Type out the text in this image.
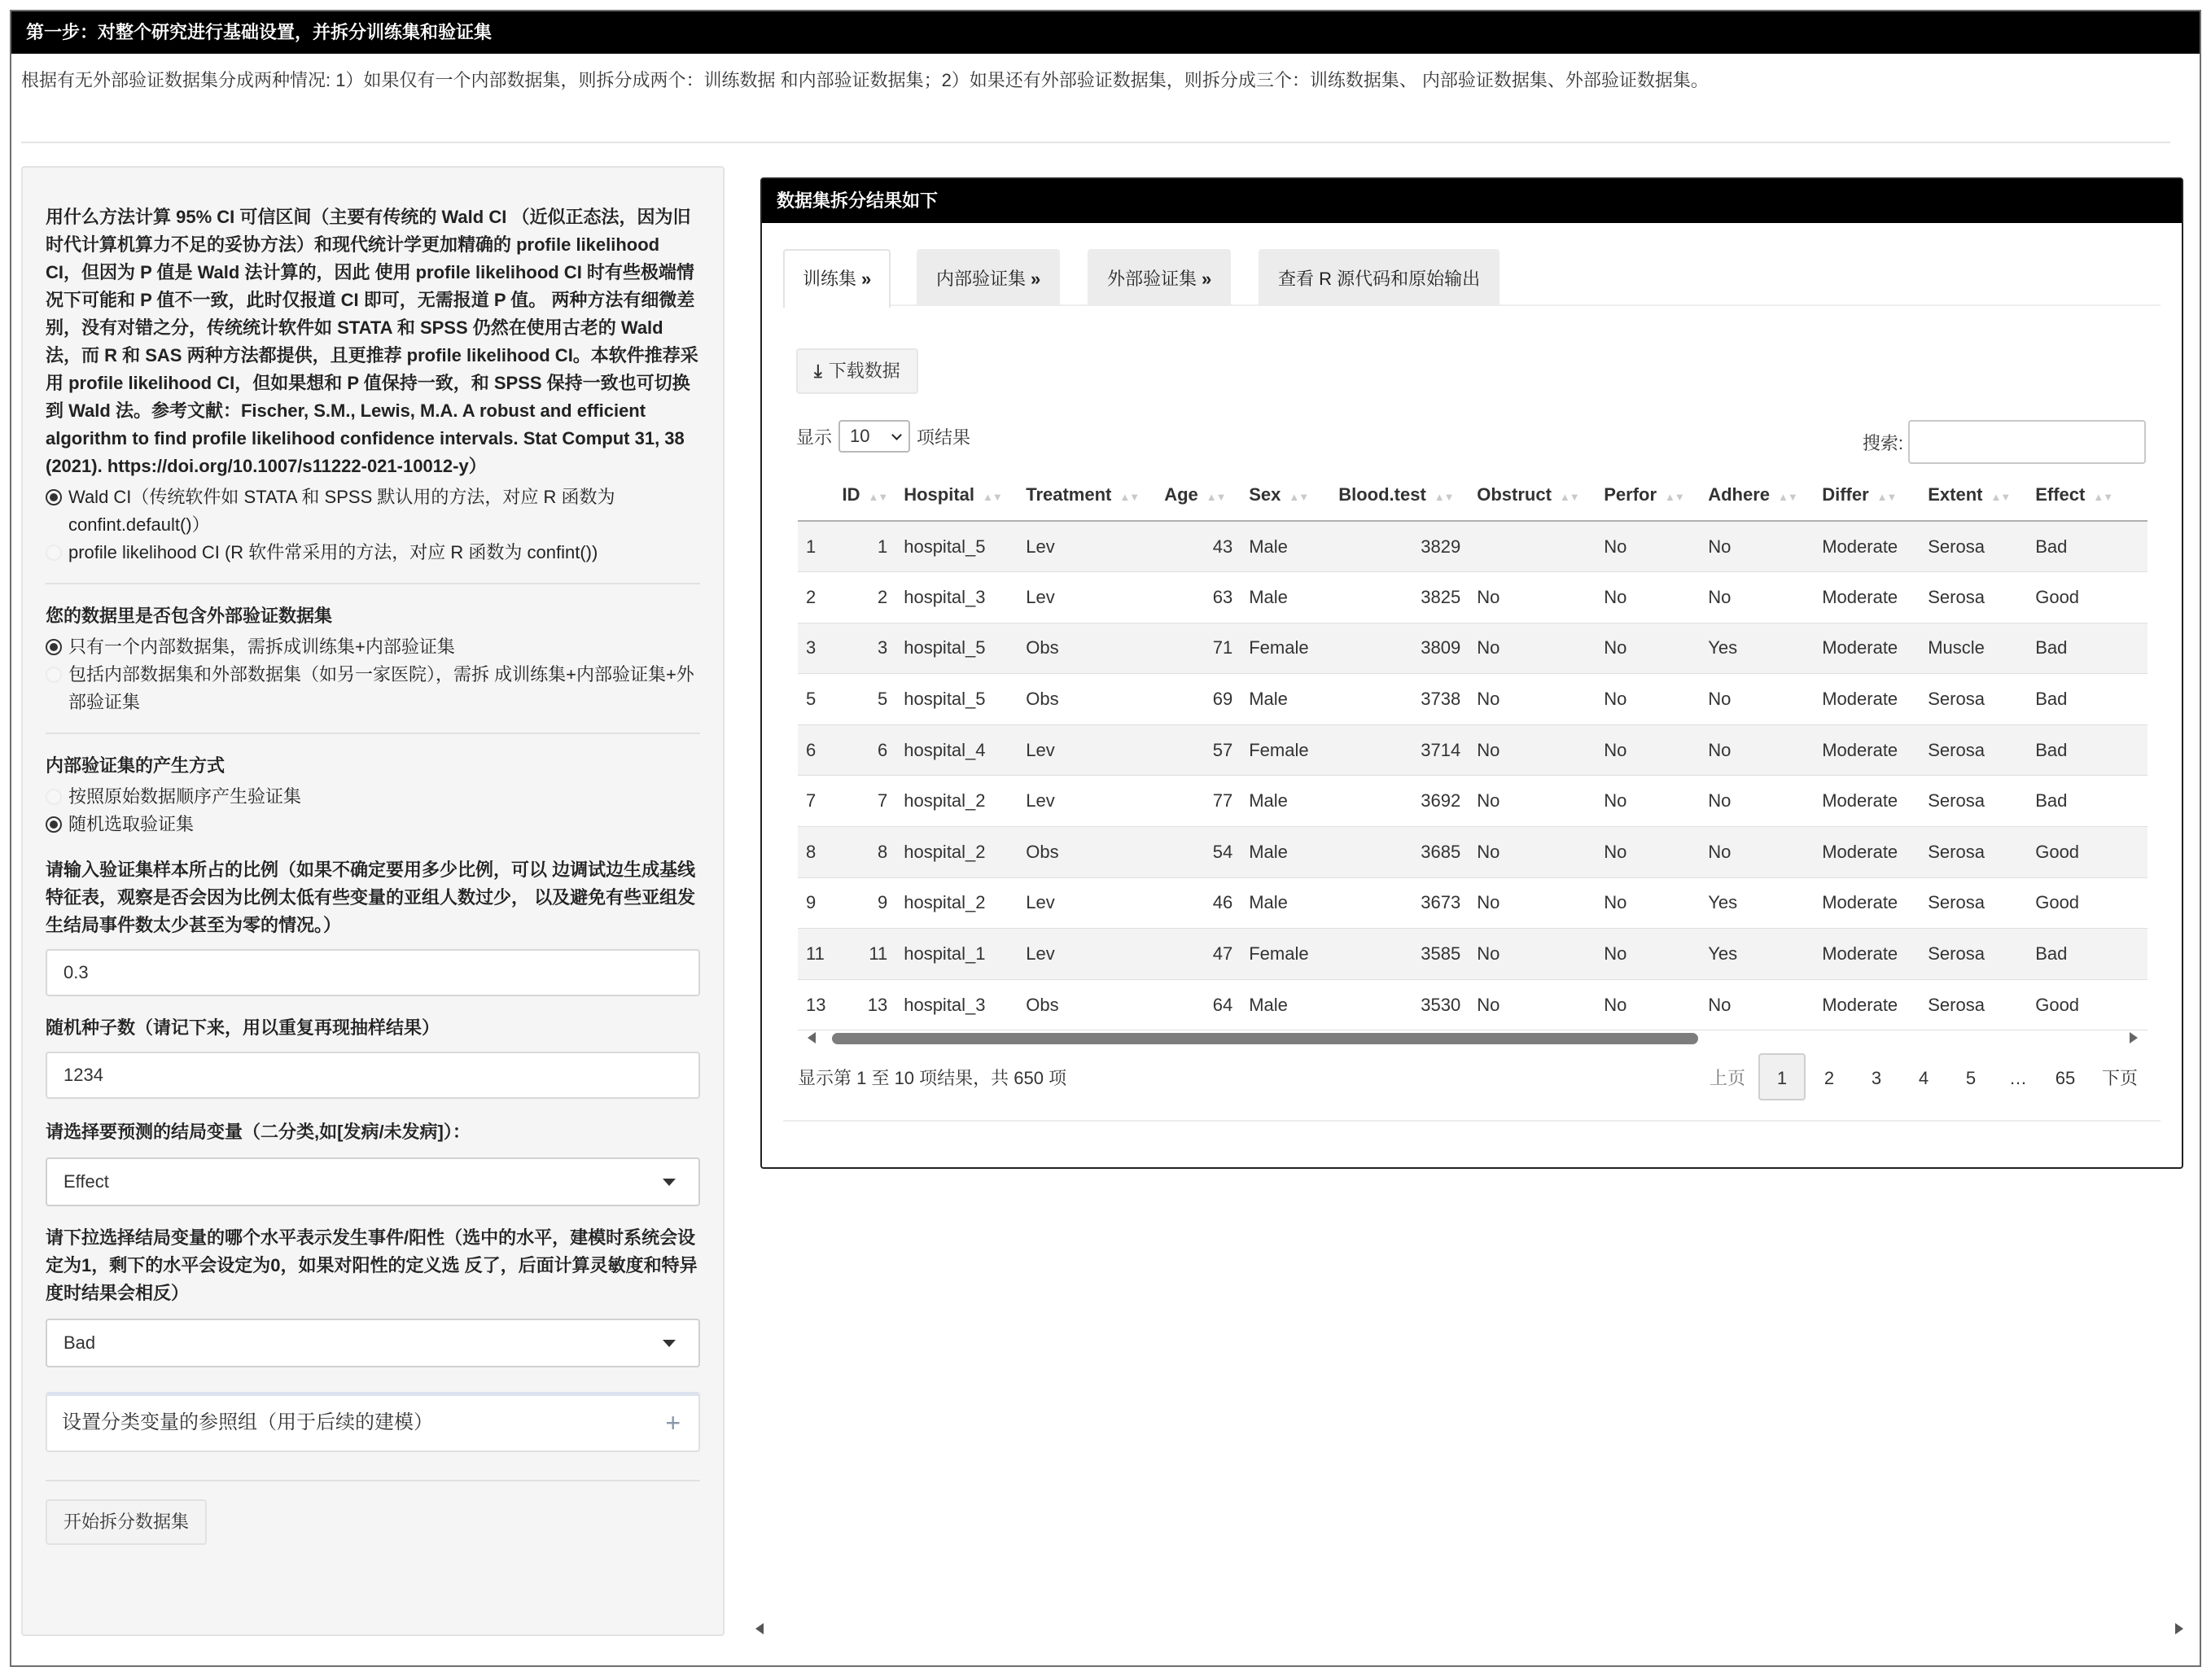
第一步：对整个研究进行基础设置，并拆分训练集和验证集
根据有无外部验证数据集分成两种情况: 1）如果仅有一个内部数据集，则拆分成两个：训练数据 和内部验证数据集；2）如果还有外部验证数据集，则拆分成三个：训练数据集、 内部验证数据集、外部验证数据集。
用什么方法计算 95% CI 可信区间（主要有传统的 Wald CI （近似正态法，因为旧时代计算机算力不足的妥协方法）和现代统计学更加精确的 profile likelihood CI，但因为 P 值是 Wald 法计算的，因此 使用 profile likelihood CI 时有些极端情况下可能和 P 值不一致，此时仅报道 CI 即可，无需报道 P 值。 两种方法有细微差别，没有对错之分，传统统计软件如 STATA 和 SPSS 仍然在使用古老的 Wald 法，而 R 和 SAS 两种方法都提供，且更推荐 profile likelihood CI。本软件推荐采用 profile likelihood CI，但如果想和 P 值保持一致，和 SPSS 保持一致也可切换到 Wald 法。参考文献：Fischer, S.M., Lewis, M.A. A robust and efficient algorithm to find profile likelihood confidence intervals. Stat Comput 31, 38 (2021). https://doi.org/10.1007/s11222-021-10012-y）
Wald CI（传统软件如 STATA 和 SPSS 默认用的方法，对应 R 函数为 confint.default()）
profile likelihood CI (R 软件常采用的方法，对应 R 函数为 confint())
您的数据里是否包含外部验证数据集
只有一个内部数据集，需拆成训练集+内部验证集
包括内部数据集和外部数据集（如另一家医院），需拆 成训练集+内部验证集+外部验证集
内部验证集的产生方式
按照原始数据顺序产生验证集
随机选取验证集
请输入验证集样本所占的比例（如果不确定要用多少比例，可以 边调试边生成基线特征表，观察是否会因为比例太低有些变量的亚组人数过少， 以及避免有些亚组发生结局事件数太少甚至为零的情况。）
0.3
随机种子数（请记下来，用以重复再现抽样结果）
1234
请选择要预测的结局变量（二分类,如[发病/未发病]）：
Effect
请下拉选择结局变量的哪个水平表示发生事件/阳性（选中的水平，建模时系统会设定为1，剩下的水平会设定为0，如果对阳性的定义选 反了，后面计算灵敏度和特异度时结果会相反）
Bad
设置分类变量的参照组（用于后续的建模）	+
开始拆分数据集
数据集拆分结果如下
训练集 »	内部验证集 »	外部验证集 »	查看 R 源代码和原始输出
⤓ 下载数据
显示	10	项结果	搜索:
	ID ▲▼	Hospital ▲▼	Treatment ▲▼	Age ▲▼	Sex ▲▼	Blood.test ▲▼	Obstruct ▲▼	Perfor ▲▼	Adhere ▲▼	Differ ▲▼	Extent ▲▼	Effect ▲▼
1	1	hospital_5	Lev	43	Male	3829		No	No	Moderate	Serosa	Bad
2	2	hospital_3	Lev	63	Male	3825	No	No	No	Moderate	Serosa	Good
3	3	hospital_5	Obs	71	Female	3809	No	No	Yes	Moderate	Muscle	Bad
5	5	hospital_5	Obs	69	Male	3738	No	No	No	Moderate	Serosa	Bad
6	6	hospital_4	Lev	57	Female	3714	No	No	No	Moderate	Serosa	Bad
7	7	hospital_2	Lev	77	Male	3692	No	No	No	Moderate	Serosa	Bad
8	8	hospital_2	Obs	54	Male	3685	No	No	No	Moderate	Serosa	Good
9	9	hospital_2	Lev	46	Male	3673	No	No	Yes	Moderate	Serosa	Good
11	11	hospital_1	Lev	47	Female	3585	No	No	Yes	Moderate	Serosa	Bad
13	13	hospital_3	Obs	64	Male	3530	No	No	No	Moderate	Serosa	Good
显示第 1 至 10 项结果，共 650 项	上页	1	2	3	4	5	…	65	下页
